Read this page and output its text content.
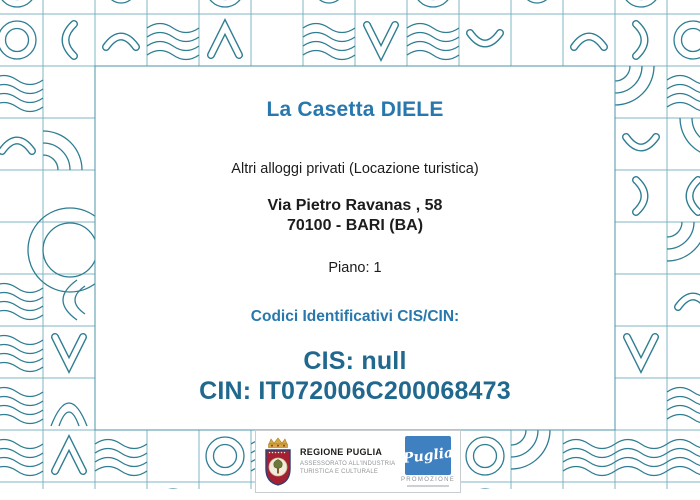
La Casetta DIELE
Altri alloggi privati (Locazione turistica)
Via Pietro Ravanas , 58
70100 - BARI (BA)
Piano: 1
Codici Identificativi CIS/CIN:
CIS: null
CIN: IT072006C200068473
REGIONE PUGLIA
ASSESSORATO ALL'INDUSTRIA
TURISTICA E CULTURALE
Puglia
PROMOZIONE
